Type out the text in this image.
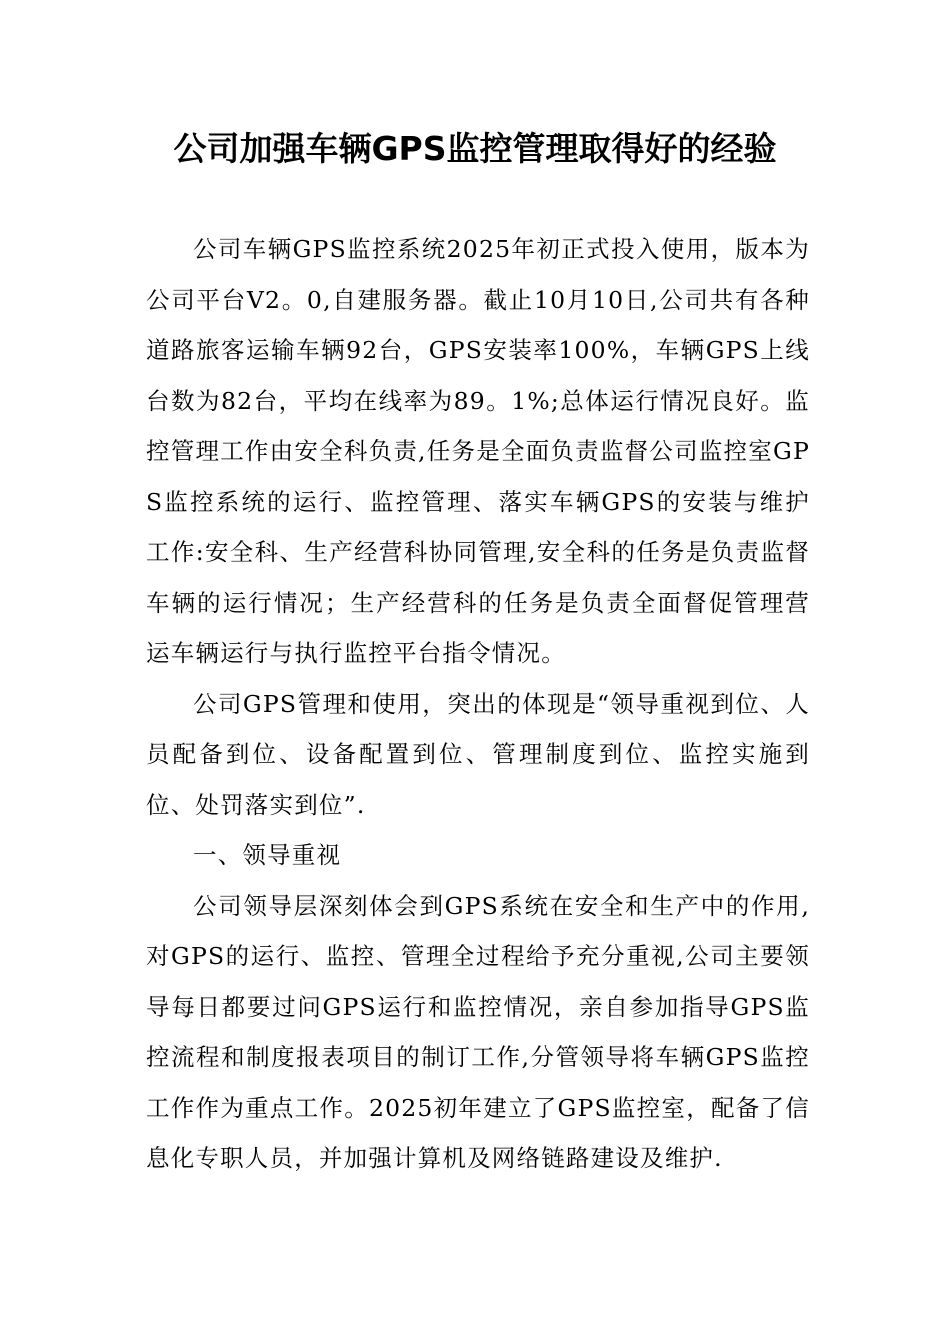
公司加强车辆GPS监控管理取得好的经验

公司车辆GPS监控系统2025年初正式投入使用，版本为公司平台V2。0,自建服务器。截止10月10日,公司共有各种道路旅客运输车辆92台，GPS安装率100%，车辆GPS上线台数为82台，平均在线率为89。1%;总体运行情况良好。监控管理工作由安全科负责,任务是全面负责监督公司监控室GPS监控系统的运行、监控管理、落实车辆GPS的安装与维护工作:安全科、生产经营科协同管理,安全科的任务是负责监督车辆的运行情况；生产经营科的任务是负责全面督促管理营运车辆运行与执行监控平台指令情况。

公司GPS管理和使用，突出的体现是“领导重视到位、人员配备到位、设备配置到位、管理制度到位、监控实施到位、处罚落实到位”.

一、领导重视

公司领导层深刻体会到GPS系统在安全和生产中的作用,对GPS的运行、监控、管理全过程给予充分重视,公司主要领导每日都要过问GPS运行和监控情况，亲自参加指导GPS监控流程和制度报表项目的制订工作,分管领导将车辆GPS监控工作作为重点工作。2025初年建立了GPS监控室，配备了信息化专职人员，并加强计算机及网络链路建设及维护.
